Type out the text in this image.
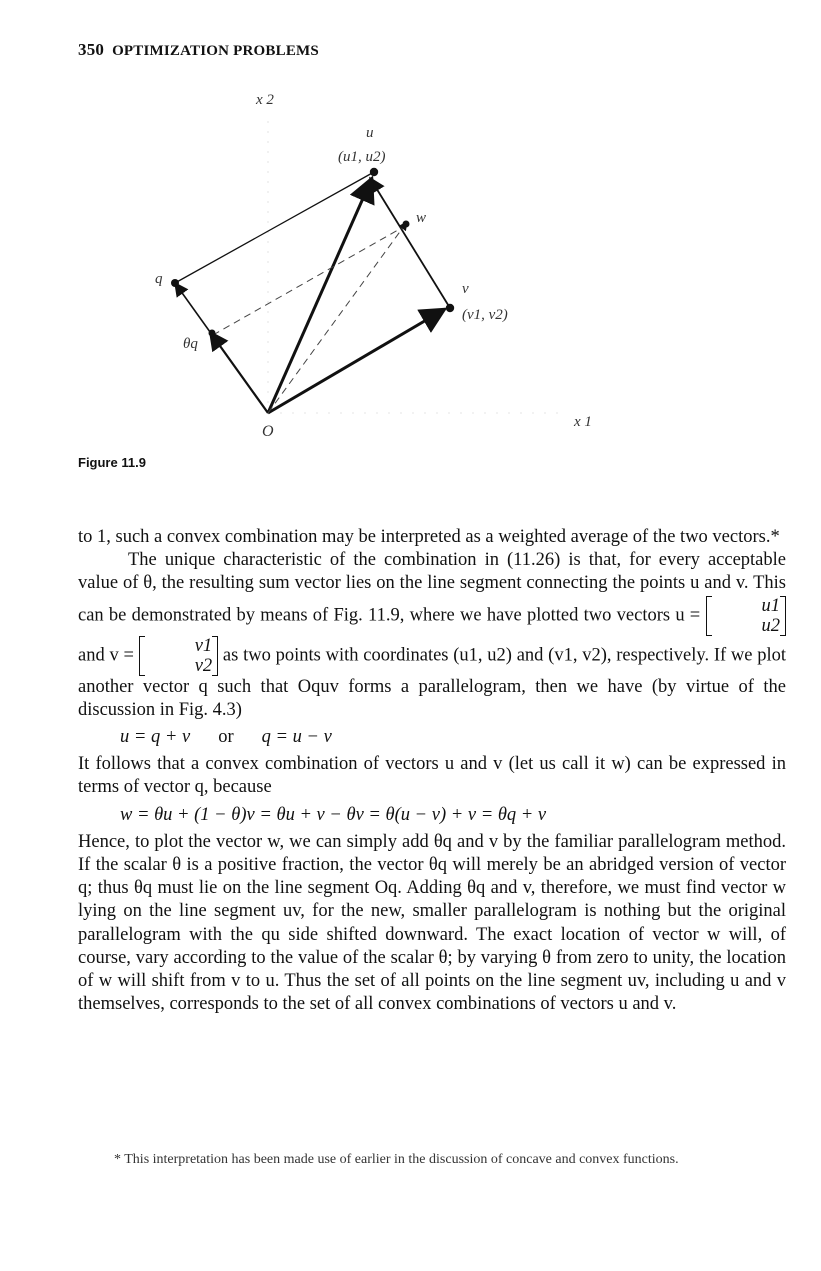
350 OPTIMIZATION PROBLEMS
x 2
u
(u1, u2)
w
q
v
(v1, v2)
θq
O
x 1
Figure 11.9

to 1, such a convex combination may be interpreted as a weighted average of the two vectors.*

The unique characteristic of the combination in (11.26) is that, for every acceptable value of θ, the resulting sum vector lies on the line segment connecting the points u and v. This can be demonstrated by means of Fig. 11.9, where we have plotted two vectors u =	u1
u2
and v =	v1
v2
as two points with coordinates (u1, u2) and (v1, v2), respectively. If we plot another vector q such that Oquv forms a parallelogram, then we have (by virtue of the discussion in Fig. 4.3)

u = q + v or q = u − v

It follows that a convex combination of vectors u and v (let us call it w) can be expressed in terms of vector q, because

w = θu + (1 − θ)v = θu + v − θv = θ(u − v) + v = θq + v

Hence, to plot the vector w, we can simply add θq and v by the familiar parallelogram method. If the scalar θ is a positive fraction, the vector θq will merely be an abridged version of vector q; thus θq must lie on the line segment Oq. Adding θq and v, therefore, we must find vector w lying on the line segment uv, for the new, smaller parallelogram is nothing but the original parallelogram with the qu side shifted downward. The exact location of vector w will, of course, vary according to the value of the scalar θ; by varying θ from zero to unity, the location of w will shift from v to u. Thus the set of all points on the line segment uv, including u and v themselves, corresponds to the set of all convex combinations of vectors u and v.

* This interpretation has been made use of earlier in the discussion of concave and convex functions.
